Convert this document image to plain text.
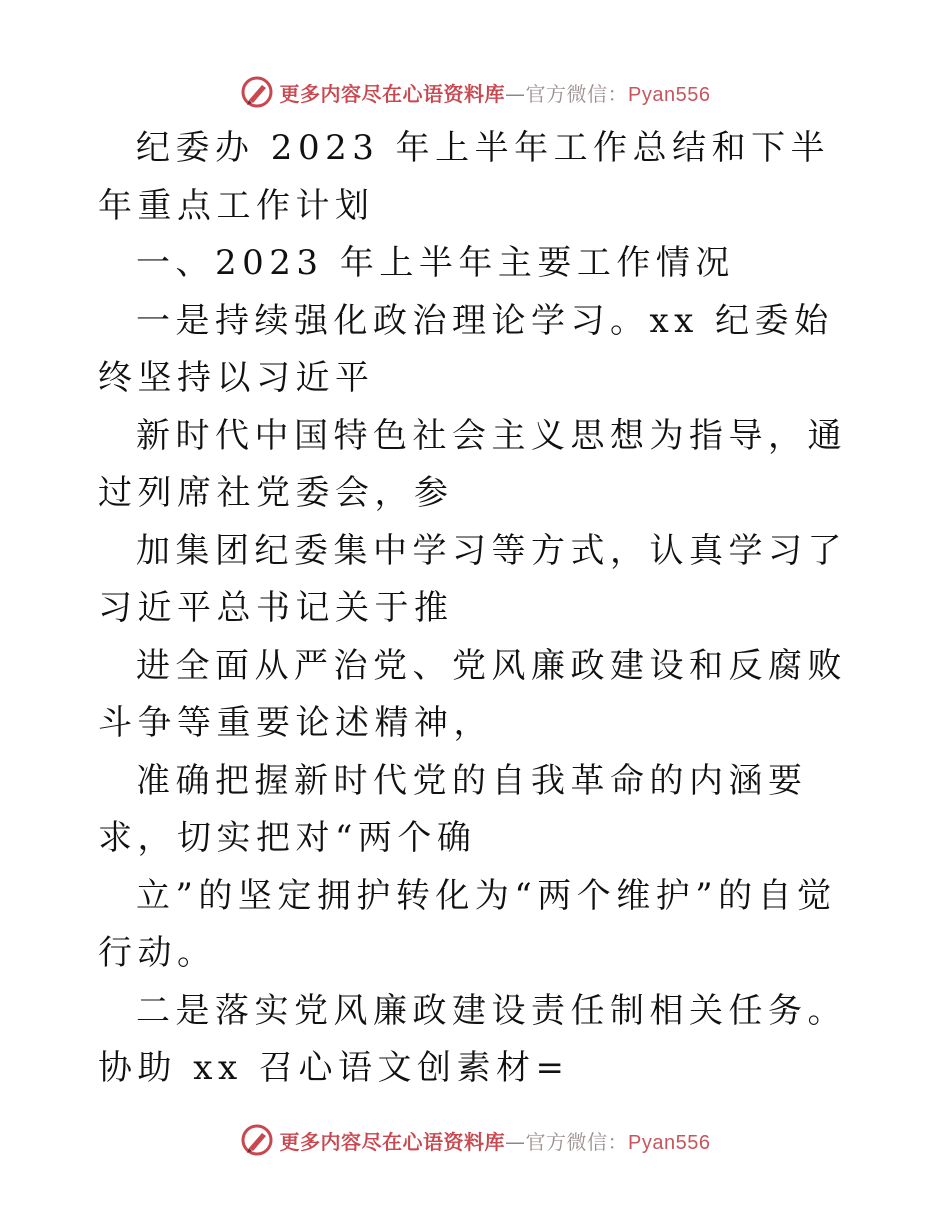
更多内容尽在心语资料库—官方微信：Pyan556

纪委办 2023 年上半年工作总结和下半年重点工作计划

一、2023 年上半年主要工作情况

一是持续强化政治理论学习。xx 纪委始终坚持以习近平

新时代中国特色社会主义思想为指导，通过列席社党委会，参

加集团纪委集中学习等方式，认真学习了习近平总书记关于推

进全面从严治党、党风廉政建设和反腐败斗争等重要论述精神，

准确把握新时代党的自我革命的内涵要求，切实把对“两个确

立”的坚定拥护转化为“两个维护”的自觉行动。

二是落实党风廉政建设责任制相关任务。协助 xx 召心语文创素材=

更多内容尽在心语资料库—官方微信：Pyan556
